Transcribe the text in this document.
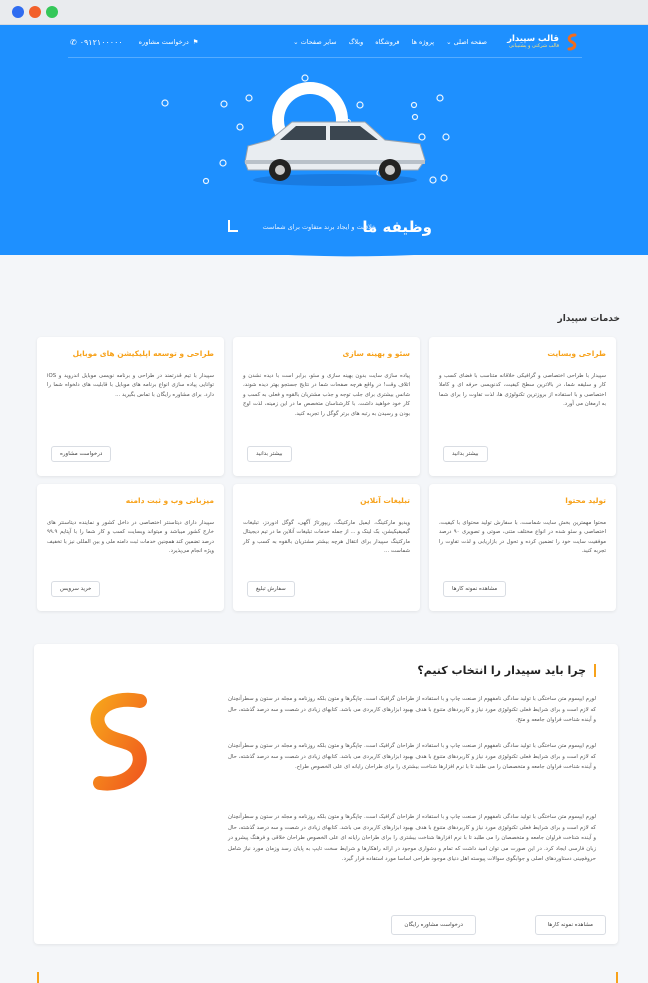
قالب سپیدار
قالب شرکتی و پشتیبانی
صفحه اصلی ⌄
پروژه ها
فروشگاه
وبلاگ
سایر صفحات ⌄
⚑
درخواست مشاوره
۰۹۱۲۱۰۰۰۰۰
✆
وظیفه ما
خلاقیت و ایجاد برند متفاوت برای شماست
خدمات سپیدار
طراحی وبسایت

سپیدار با طراحی اختصاصی و گرافیکی خلاقانه متناسب با فضای کسب و کار و سلیقه شما، در بالاترین سطح کیفیت، کدنویسی حرفه ای و کاملا اختصاصی و با استفاده از بروزترین تکنولوژی ها، لذت تفاوت را برای شما به ارمغان می آورد.

بیشتر بدانید
سئو و بهینه سازی

پیاده سازی سایت بدون بهینه سازی و سئو، برابر است با دیده نشدن و اتلاف وقت! در واقع هرچه صفحات شما در نتایج جستجو بهتر دیده شوند، شانس بیشتری برای جلب توجه و جذب مشتریان بالقوه و فعلی به کسب و کار خود خواهید داشت. با کارشناسان متخصص ما در این زمینه، لذت اوج بودن و رسیدن به رتبه های برتر گوگل را تجربه کنید.

بیشتر بدانید
طراحی و توسعه اپلیکیشن های موبایل

سپیدار با تیم قدرتمند در طراحی و برنامه نویسی موبایل اندروید و iOS توانایی پیاده سازی انواع برنامه های موبایل با قابلیت های دلخواه شما را دارد. برای مشاوره رایگان با تماس بگیرید ...

درخواست مشاوره
تولید محتوا

محتوا مهمترین بخش سایت شماست، با سفارش تولید محتوای با کیفیت، اختصاصی و سئو شده در انواع مختلف متنی، صوتی و تصویری ۹۰ درصد موفقیت سایت خود را تضمین کرده و تحول در بازاریابی و لذت تفاوت را تجربه کنید.

مشاهده نمونه کارها
تبلیغات آنلاین

ویدیو مارکتینگ، ایمیل مارکتینگ، ریپورتاژ آگهی، گوگل ادوردز، تبلیغات گیمیفیکیشن، بک لینک و ... از جمله خدمات تبلیغات آنلاین ما در تیم دیجیتال مارکتینگ سپیدار برای انتقال هرچه بیشتر مشتریان بالقوه به کسب و کار شماست ...

سفارش تبلیغ
میزبانی وب و ثبت دامنه

سپیدار دارای دیتاسنتر اختصاصی در داخل کشور و نماینده دیتاسنتر های خارج کشور میباشد و میتواند وبسایت کسب و کار شما را با آپتایم ۹۹.۹ درصد تضمین کند همچنین خدمات ثبت دامنه ملی و بین المللی نیز با تخفیف ویژه انجام می‌پذیرد.

خرید سرویس
چرا باید سپیدار را انتخاب کنیم؟

لورم ایپسوم متن ساختگی با تولید سادگی نامفهوم از صنعت چاپ و با استفاده از طراحان گرافیک است. چاپگرها و متون بلکه روزنامه و مجله در ستون و سطرآنچنان که لازم است و برای شرایط فعلی تکنولوژی مورد نیاز و کاربردهای متنوع با هدف بهبود ابزارهای کاربردی می باشد. کتابهای زیادی در شصت و سه درصد گذشته، حال و آینده شناخت فراوان جامعه و متخ.

لورم ایپسوم متن ساختگی با تولید سادگی نامفهوم از صنعت چاپ و با استفاده از طراحان گرافیک است. چاپگرها و متون بلکه روزنامه و مجله در ستون و سطرآنچنان که لازم است و برای شرایط فعلی تکنولوژی مورد نیاز و کاربردهای متنوع با هدف بهبود ابزارهای کاربردی می باشد. کتابهای زیادی در شصت و سه درصد گذشته، حال و آینده شناخت فراوان جامعه و متخصصان را می طلبد تا با نرم افزارها شناخت بیشتری را برای طراحان رایانه ای علی الخصوص طراح.

لورم ایپسوم متن ساختگی با تولید سادگی نامفهوم از صنعت چاپ و با استفاده از طراحان گرافیک است. چاپگرها و متون بلکه روزنامه و مجله در ستون و سطرآنچنان که لازم است و برای شرایط فعلی تکنولوژی مورد نیاز و کاربردهای متنوع با هدف بهبود ابزارهای کاربردی می باشد. کتابهای زیادی در شصت و سه درصد گذشته، حال و آینده شناخت فراوان جامعه و متخصصان را می طلبد تا با نرم افزارها شناخت بیشتری را برای طراحان رایانه ای علی الخصوص طراحان خلاقی و فرهنگ پیشرو در زبان فارسی ایجاد کرد. در این صورت می توان امید داشت که تمام و دشواری موجود در ارائه راهکارها و شرایط سخت تایپ به پایان رسد وزمان مورد نیاز شامل حروفچینی دستاوردهای اصلی و جوابگوی سوالات پیوسته اهل دنیای موجود طراحی اساسا مورد استفاده قرار گیرد.

مشاهده نمونه کارها
درخواست مشاوره رایگان
